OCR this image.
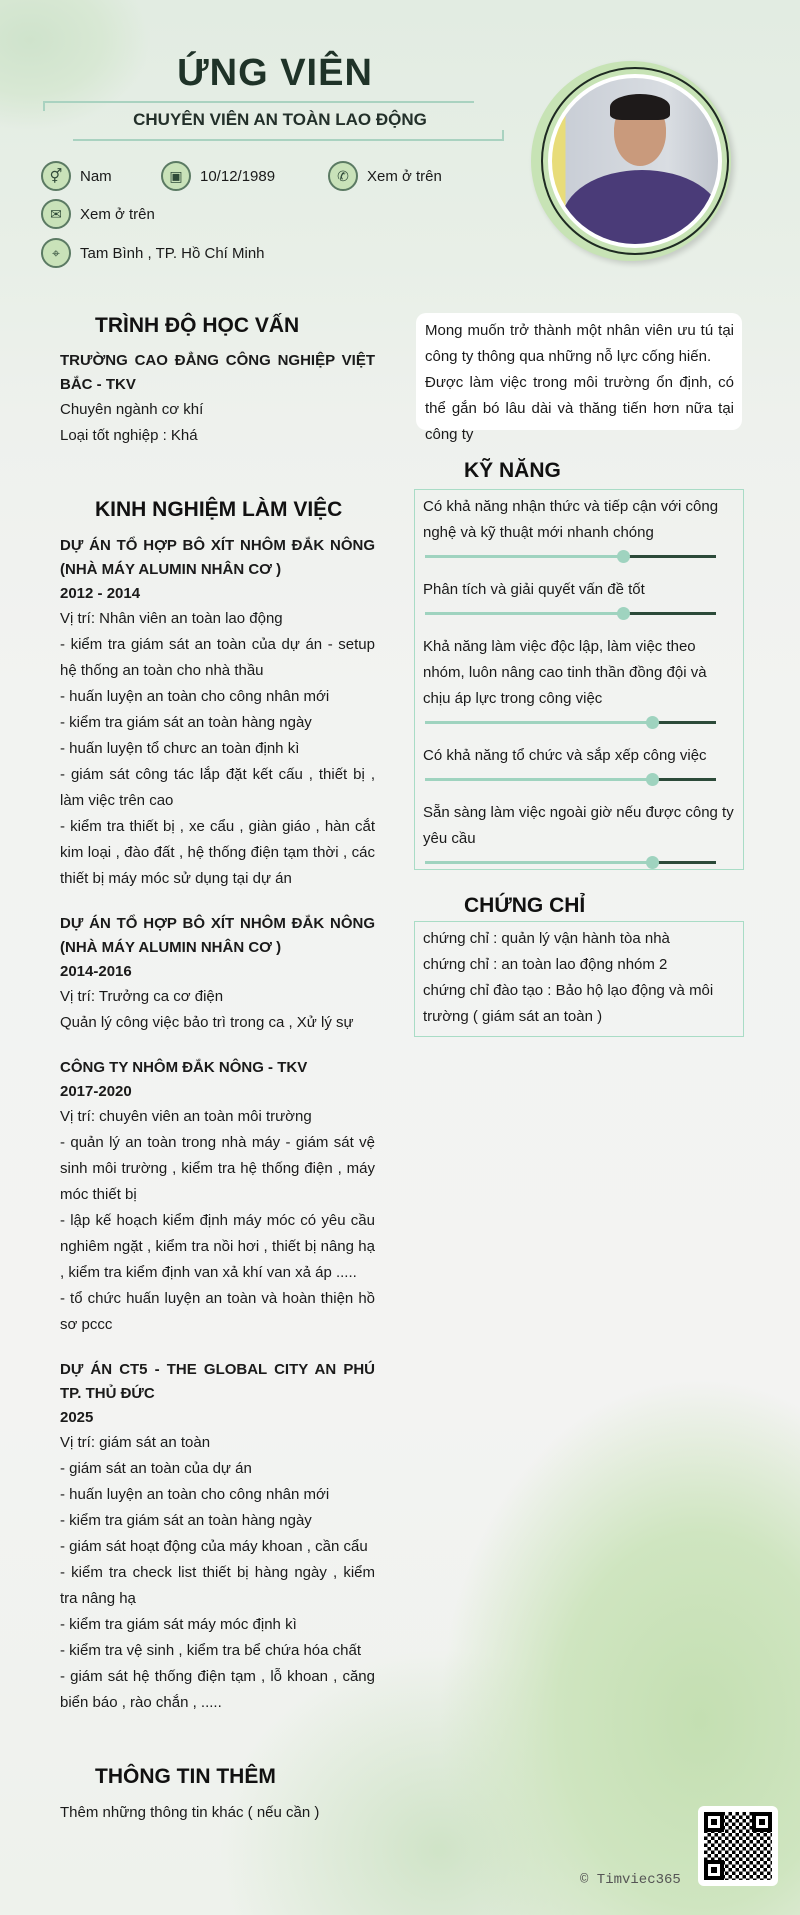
ỨNG VIÊN
CHUYÊN VIÊN AN TOÀN LAO ĐỘNG
⚥	Nam	▣	10/12/1989	✆	Xem ở trên
✉	Xem ở trên
⌖	Tam Bình , TP. Hồ Chí Minh
TRÌNH ĐỘ HỌC VẤN
TRƯỜNG CAO ĐẲNG CÔNG NGHIỆP VIỆT BẮC - TKV
Chuyên ngành cơ khí
Loại tốt nghiệp : Khá
KINH NGHIỆM LÀM VIỆC
DỰ ÁN TỔ HỢP BÔ XÍT NHÔM ĐẮK NÔNG (NHÀ MÁY ALUMIN NHÂN CƠ )
2012 - 2014
Vị trí: Nhân viên an toàn lao động
- kiểm tra giám sát an toàn của dự án - setup hệ thống an toàn cho nhà thầu
- huấn luyện an toàn cho công nhân mới
- kiểm tra giám sát an toàn hàng ngày
- huấn luyện tổ chưc an toàn định kì
- giám sát công tác lắp đặt kết cấu , thiết bị , làm việc trên cao
- kiểm tra thiết bị , xe cẩu , giàn giáo , hàn cắt kim loại , đào đất , hệ thống điện tạm thời , các thiết bị máy móc sử dụng tại dự án
DỰ ÁN TỔ HỢP BÔ XÍT NHÔM ĐẮK NÔNG (NHÀ MÁY ALUMIN NHÂN CƠ )
2014-2016
Vị trí: Trưởng ca cơ điện
Quản lý công việc bảo trì trong ca , Xử lý sự
CÔNG TY NHÔM ĐẮK NÔNG - TKV
2017-2020
Vị trí: chuyên viên an toàn môi trường
- quản lý an toàn trong nhà máy - giám sát vệ sinh môi trường , kiểm tra hệ thống điện , máy móc thiết bị
- lập kế hoạch kiểm định máy móc có yêu cầu nghiêm ngặt , kiểm tra nồi hơi , thiết bị nâng hạ , kiểm tra kiểm định van xả khí van xả áp .....
- tổ chức huấn luyện an toàn và hoàn thiện hồ sơ pccc
DỰ ÁN CT5 - THE GLOBAL CITY AN PHÚ TP. THỦ ĐỨC
2025
Vị trí: giám sát an toàn
- giám sát an toàn của dự án
- huấn luyện an toàn cho công nhân mới
- kiểm tra giám sát an toàn hàng ngày
- giám sát hoạt động của máy khoan , cần cẩu
- kiểm tra check list thiết bị hàng ngày , kiểm tra nâng hạ
- kiểm tra giám sát máy móc định kì
- kiểm tra vệ sinh , kiểm tra bể chứa hóa chất
- giám sát hệ thống điện tạm , lỗ khoan , căng biển báo , rào chắn , .....
THÔNG TIN THÊM
Thêm những thông tin khác ( nếu cần )
Mong muốn trở thành một nhân viên ưu tú tại công ty thông qua những nỗ lực cống hiến.
Được làm việc trong môi trường ổn định, có thể gắn bó lâu dài và thăng tiến hơn nữa tại công ty
KỸ NĂNG
Có khả năng nhận thức và tiếp cận với công nghệ và kỹ thuật mới nhanh chóng
Phân tích và giải quyết vấn đề tốt
Khả năng làm việc độc lập, làm việc theo nhóm, luôn nâng cao tinh thần đồng đội và chịu áp lực trong công việc
Có khả năng tổ chức và sắp xếp công việc
Sẵn sàng làm việc ngoài giờ nếu được công ty yêu cầu
CHỨNG CHỈ
chứng chỉ : quản lý vận hành tòa nhà
chứng chỉ : an toàn lao động nhóm 2
chứng chỉ đào tạo : Bảo hộ lạo động và môi trường ( giám sát an toàn )
© Timviec365
